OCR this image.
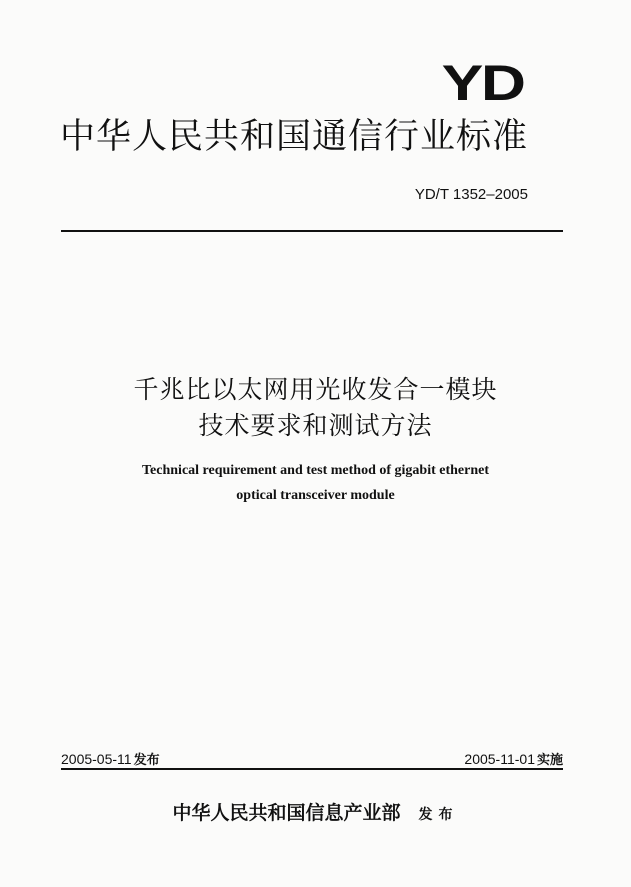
YD
中华人民共和国通信行业标准
YD/T 1352–2005
千兆比以太网用光收发合一模块
技术要求和测试方法
Technical requirement and test method of gigabit ethernet
optical transceiver module
2005-05-11 发布	2005-11-01 实施
中华人民共和国信息产业部 发布
